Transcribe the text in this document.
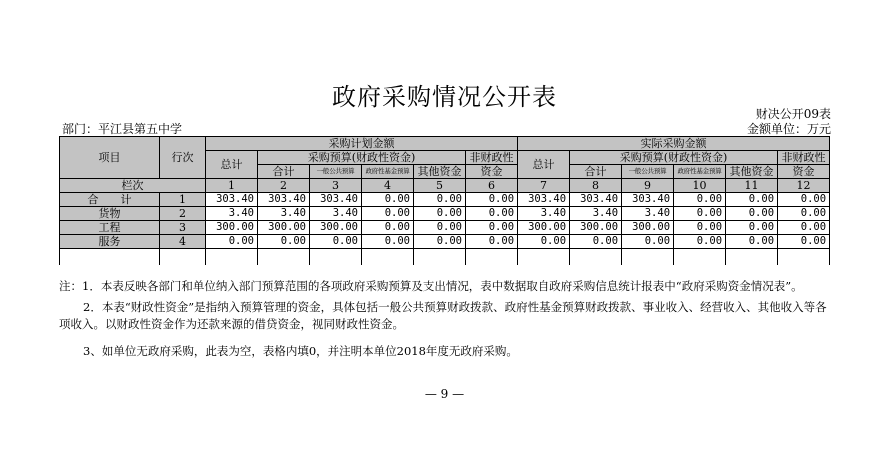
政府采购情况公开表
财决公开09表
部门：平江县第五中学	金额单位：万元
项目	行次	采购计划金额						实际采购金额					
		总计	采购预算(财政性资金)				非财政性	总计	采购预算(财政性资金)				非财政性
			合计	一般公共预算	政府性基金预算	其他资金	资金		合计	一般公共预算	政府性基金预算	其他资金	资金
栏次		1	2	3	4	5	6	7	8	9	10	11	12
合　　计	1	303.40	303.40	303.40	0.00	0.00	0.00	303.40	303.40	303.40	0.00	0.00	0.00
货物	2	3.40	3.40	3.40	0.00	0.00	0.00	3.40	3.40	3.40	0.00	0.00	0.00
工程	3	300.00	300.00	300.00	0.00	0.00	0.00	300.00	300.00	300.00	0.00	0.00	0.00
服务	4	0.00	0.00	0.00	0.00	0.00	0.00	0.00	0.00	0.00	0.00	0.00	0.00

注：1．本表反映各部门和单位纳入部门预算范围的各项政府采购预算及支出情况，表中数据取自政府采购信息统计报表中“政府采购资金情况表”。

2．本表“财政性资金”是指纳入预算管理的资金，具体包括一般公共预算财政拨款、政府性基金预算财政拨款、事业收入、经营收入、其他收入等各项收入。以财政性资金作为还款来源的借贷资金，视同财政性资金。

3、如单位无政府采购，此表为空，表格内填0，并注明本单位2018年度无政府采购。

— 9 —
